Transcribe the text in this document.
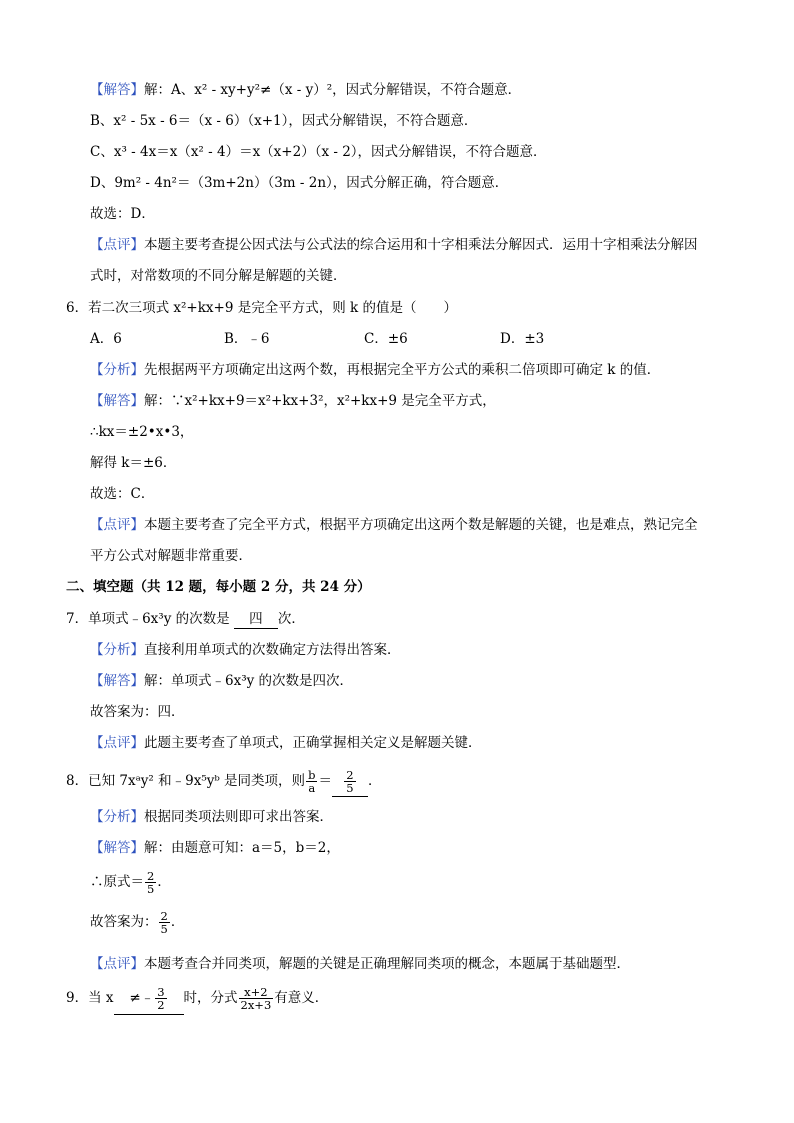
【解答】解：A、x² - xy+y²≠（x - y）²，因式分解错误，不符合题意．
B、x² - 5x - 6＝（x - 6）（x+1），因式分解错误，不符合题意．
C、x³ - 4x＝x（x² - 4）＝x（x+2）（x - 2），因式分解错误，不符合题意．
D、9m² - 4n²＝（3m+2n）（3m - 2n），因式分解正确，符合题意．
故选：D．
【点评】本题主要考查提公因式法与公式法的综合运用和十字相乘法分解因式．运用十字相乘法分解因
式时，对常数项的不同分解是解题的关键．
6．若二次三项式 x²+kx+9 是完全平方式，则 k 的值是（　　）
A．6	B．﹣6	C．±6	D．±3
【分析】先根据两平方项确定出这两个数，再根据完全平方公式的乘积二倍项即可确定 k 的值．
【解答】解：∵x²+kx+9＝x²+kx+3²，x²+kx+9 是完全平方式，
∴kx＝±2•x•3，
解得 k＝±6．
故选：C．
【点评】本题主要考查了完全平方式，根据平方项确定出这两个数是解题的关键，也是难点，熟记完全
平方公式对解题非常重要．
二、填空题（共 12 题，每小题 2 分，共 24 分）
7．单项式﹣6x³y 的次数是 四 次．
【分析】直接利用单项式的次数确定方法得出答案．
【解答】解：单项式﹣6x³y 的次数是四次．
故答案为：四．
【点评】此题主要考查了单项式，正确掌握相关定义是解题关键．
8．已知 7xᵃy² 和﹣9x⁵yᵇ 是同类项，则 $\frac{b}{a} = \frac{2}{5}$ ．
【分析】根据同类项法则即可求出答案．
【解答】解：由题意可知：a＝5，b＝2，
∴原式＝ $\frac{2}{5}$ ．
故答案为： $\frac{2}{5}$ ．
【点评】本题考查合并同类项，解题的关键是正确理解同类项的概念，本题属于基础题型．
9．当 x ≠﹣ $\frac{3}{2}$ 时，分式 $\frac{x+2}{2x+3}$ 有意义．
